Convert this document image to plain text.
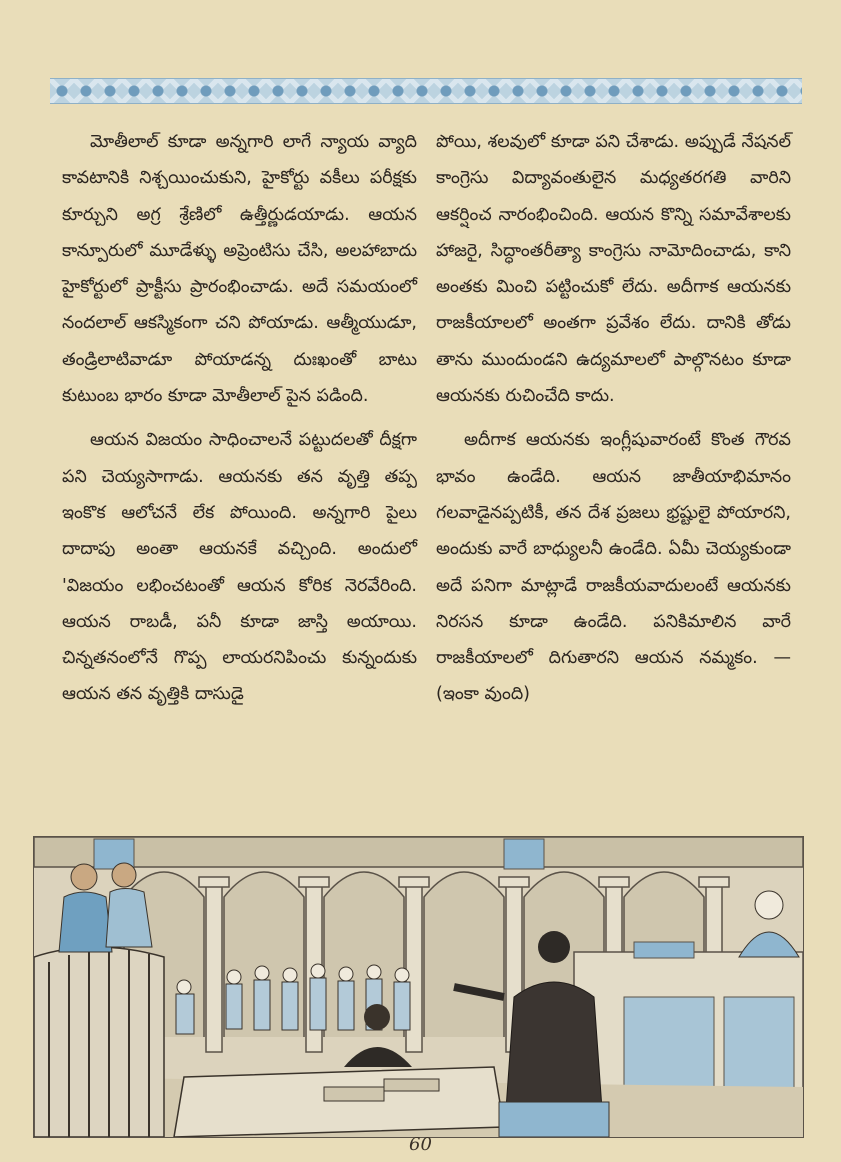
మోతీలాల్ కూడా అన్నగారి లాగే న్యాయ వ్యాది కావటానికి నిశ్చయించుకుని, హైకోర్టు వకీలు పరీక్షకు కూర్చుని అగ్ర శ్రేణిలో ఉత్తీర్ణుడయాడు. ఆయన కాన్పూరులో మూడేళ్ళు అప్రెంటిసు చేసి, అలహాబాదు హైకోర్టులో ప్రాక్టీసు ప్రారంభించాడు. అదే సమయంలో నందలాల్ ఆకస్మికంగా చని పోయాడు. ఆత్మీయుడూ, తండ్రిలాటివాడూ పోయాడన్న దుఃఖంతో బాటు కుటుంబ భారం కూడా మోతీలాల్ పైన పడింది.

ఆయన విజయం సాధించాలనే పట్టుదలతో దీక్షగా పని చెయ్యసాగాడు. ఆయనకు తన వృత్తి తప్ప ఇంకొక ఆలోచనే లేక పోయింది. అన్నగారి పైలు దాదాపు అంతా ఆయనకే వచ్చింది. అందులో 'విజయం లభించటంతో ఆయన కోరిక నెరవేరింది. ఆయన రాబడీ, పనీ కూడా జాస్తి అయాయి. చిన్నతనంలోనే గొప్ప లాయరనిపించు కున్నందుకు ఆయన తన వృత్తికి దాసుడై

పోయి, శలవులో కూడా పని చేశాడు. అప్పుడే నేషనల్ కాంగ్రెసు విద్యావంతులైన మధ్యతరగతి వారిని ఆకర్షించ నారంభించింది. ఆయన కొన్ని సమావేశాలకు హాజరై, సిద్ధాంతరీత్యా కాంగ్రెసు నామోదించాడు, కాని అంతకు మించి పట్టించుకో లేదు. అదీగాక ఆయనకు రాజకీయాలలో అంతగా ప్రవేశం లేదు. దానికి తోడు తాను ముందుండని ఉద్యమాలలో పాల్గొనటం కూడా ఆయనకు రుచించేది కాదు.

అదీగాక ఆయనకు ఇంగ్లీషువారంటే కొంత గౌరవ భావం ఉండేది. ఆయన జాతీయాభిమానం గలవాడైనప్పటికీ, తన దేశ ప్రజలు భ్రష్టులై పోయారని, అందుకు వారే బాధ్యులనీ ఉండేది. ఏమీ చెయ్యకుండా అదే పనిగా మాట్లాడే రాజకీయవాదులంటే ఆయనకు నిరసన కూడా ఉండేది. పనికిమాలిన వారే రాజకీయాలలో దిగుతారని ఆయన నమ్మకం. —(ఇంకా వుంది)

60
